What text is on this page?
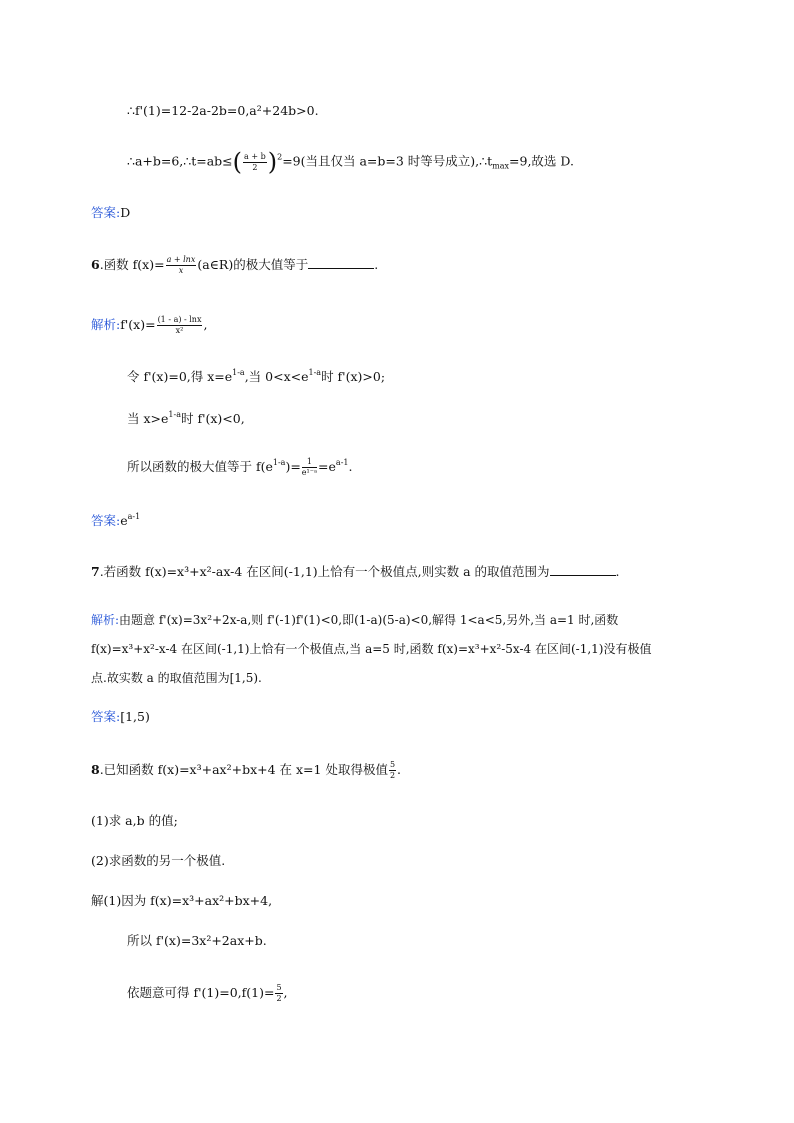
∴f'(1)=12-2a-2b=0,a²+24b>0.
∴a+b=6,∴t=ab≤( $\frac{a + b}{2} )^2=9$(当且仅当 a=b=3 时等号成立)$,\therefore t_{max}=9$,故选 D.
答案:D
6.函数 $f(x)= \frac{a + \ln x}{x}$ (a∈R)的极大值等于	.
解析:f'(x)= $\frac{(1 - a) - \ln x}{\text{x²}}$ ,
令 f'(x)=0,得 $x=e^{1-a}$,当 $0<x<e^{1-a}$时 f'(x)>0;
当 $x>e^{1-a}$时 f'(x)<0,
所以函数的极大值等于 $f(e^{1-a})= \frac{1}{\text{e¹⁻ᵃ}} =e^{a-1}$.
答案$:e^{a-1}$
7.若函数 f(x)=x³+x²-ax-4 在区间(-1,1)上恰有一个极值点,则实数 a 的取值范围为	.
解析:由题意 f'(x)=3x²+2x-a,则 f'(-1)f'(1)<0,即(1-a)(5-a)<0,解得 1<a<5,另外,当 a=1 时,函数
f(x)=x³+x²-x-4 在区间(-1,1)上恰有一个极值点,当 a=5 时,函数 f(x)=x³+x²-5x-4 在区间(-1,1)没有极值
点.故实数 a 的取值范围为[1,5).
答案:[1,5)
8.已知函数 f(x)=x³+ax²+bx+4 在 x=1 处取得极值 $\frac{5}{2}$ .
(1)求 a,b 的值;
(2)求函数的另一个极值.
解(1)因为 f(x)=x³+ax²+bx+4,
所以 f'(x)=3x²+2ax+b.
依题意可得 $f'(1)=0,f(1)= \frac{5}{2}$ ,
